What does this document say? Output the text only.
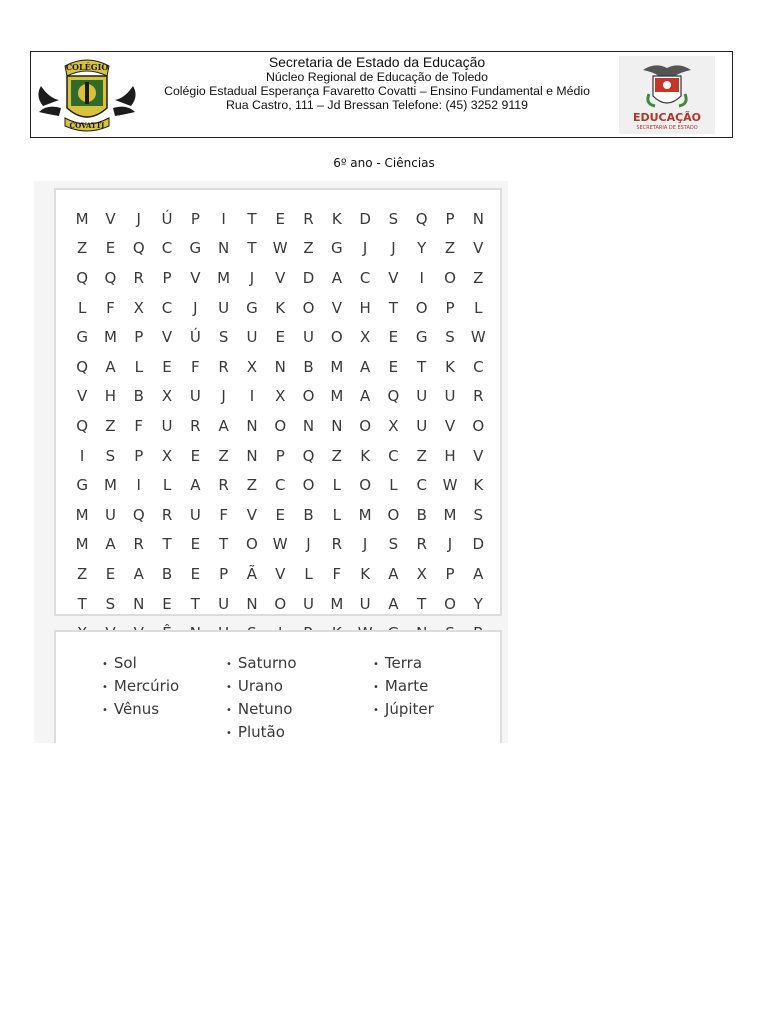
COLÉGIO
COVATTI
Secretaria de Estado da Educação
Núcleo Regional de Educação de Toledo
Colégio Estadual Esperança Favaretto Covatti – Ensino Fundamental e Médio
Rua Castro, 111 – Jd Bressan Telefone: (45) 3252 9119
EDUCAÇÃO
SECRETARIA DE ESTADO
6º ano - Ciências
M	V	J	Ú	P	I	T	E	R	K	D	S	Q	P	N
Z	E	Q	C	G	N	T	W	Z	G	J	J	Y	Z	V
Q	Q	R	P	V	M	J	V	D	A	C	V	I	O	Z
L	F	X	C	J	U	G	K	O	V	H	T	O	P	L
G	M	P	V	Ú	S	U	E	U	O	X	E	G	S	W
Q	A	L	E	F	R	X	N	B	M	A	E	T	K	C
V	H	B	X	U	J	I	X	O	M	A	Q	U	U	R
Q	Z	F	U	R	A	N	O	N	N	O	X	U	V	O
I	S	P	X	E	Z	N	P	Q	Z	K	C	Z	H	V
G	M	I	L	A	R	Z	C	O	L	O	L	C	W	K
M	U	Q	R	U	F	V	E	B	L	M	O	B	M	S
M	A	R	T	E	T	O W	J	R	J	S	R	J	D
Z	E	A	B	E	P	Ã	V	L	F	K	A	X	P	A
T	S	N	E	T	U	N	O	U	M	U	A	T	O	Y
• Sol
• Mercúrio
• Vênus
• Saturno
• Urano
• Netuno
• Plutão
• Terra
• Marte
• Júpiter
